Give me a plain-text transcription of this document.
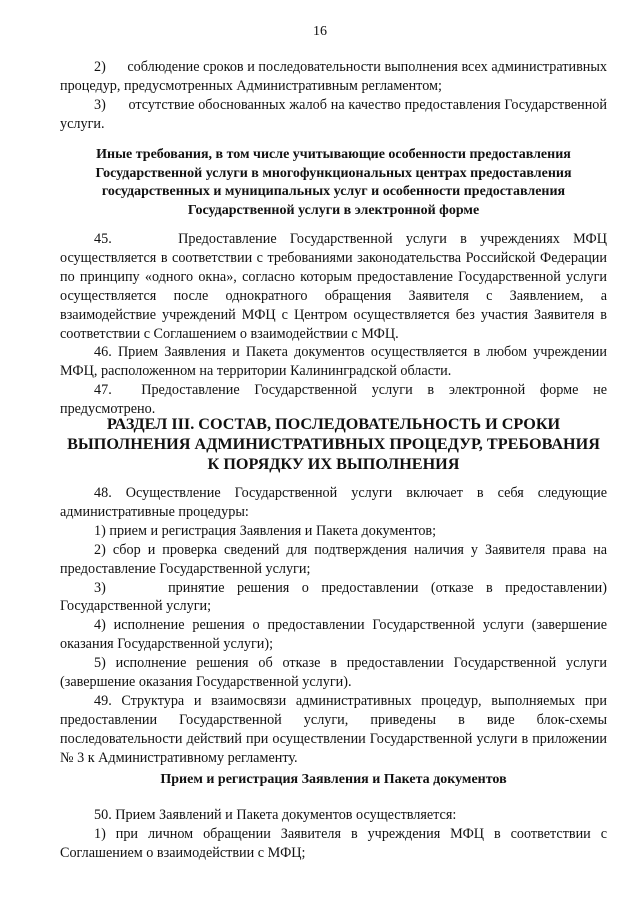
16

2)      соблюдение сроков и последовательности выполнения всех административных процедур, предусмотренных Административным регламентом;

3)      отсутствие обоснованных жалоб на качество предоставления Государственной услуги.

Иные требования, в том числе учитывающие особенности предоставления Государственной услуги в многофункциональных центрах предоставления государственных и муниципальных услуг и особенности предоставления Государственной услуги в электронной форме

45.     Предоставление Государственной услуги в учреждениях МФЦ осуществляется в соответствии с требованиями законодательства Российской Федерации по принципу «одного окна», согласно которым предоставление Государственной услуги осуществляется после однократного обращения Заявителя с Заявлением, а взаимодействие учреждений МФЦ с Центром осуществляется без участия Заявителя в соответствии с Соглашением о взаимодействии с МФЦ.

46. Прием Заявления и Пакета документов осуществляется в любом учреждении МФЦ, расположенном на территории Калининградской области.

47.  Предоставление Государственной услуги в электронной форме не предусмотрено.

РАЗДЕЛ III. СОСТАВ, ПОСЛЕДОВАТЕЛЬНОСТЬ И СРОКИ ВЫПОЛНЕНИЯ АДМИНИСТРАТИВНЫХ ПРОЦЕДУР, ТРЕБОВАНИЯ К ПОРЯДКУ ИХ ВЫПОЛНЕНИЯ

48. Осуществление Государственной услуги включает в себя следующие административные процедуры:

1) прием и регистрация Заявления и Пакета документов;

2) сбор и проверка сведений для подтверждения наличия у Заявителя права на предоставление Государственной услуги;

3)     принятие решения о предоставлении (отказе в предоставлении) Государственной услуги;

4) исполнение решения о предоставлении Государственной услуги (завершение оказания Государственной услуги);

5) исполнение решения об отказе в предоставлении Государственной услуги (завершение оказания Государственной услуги).

49. Структура и взаимосвязи административных процедур, выполняемых при предоставлении Государственной услуги, приведены в виде блок-схемы последовательности действий при осуществлении Государственной услуги в приложении № 3 к Административному регламенту.

Прием и регистрация Заявления и Пакета документов

50. Прием Заявлений и Пакета документов осуществляется:

1) при личном обращении Заявителя в учреждения МФЦ в соответствии с Соглашением о взаимодействии с МФЦ;
